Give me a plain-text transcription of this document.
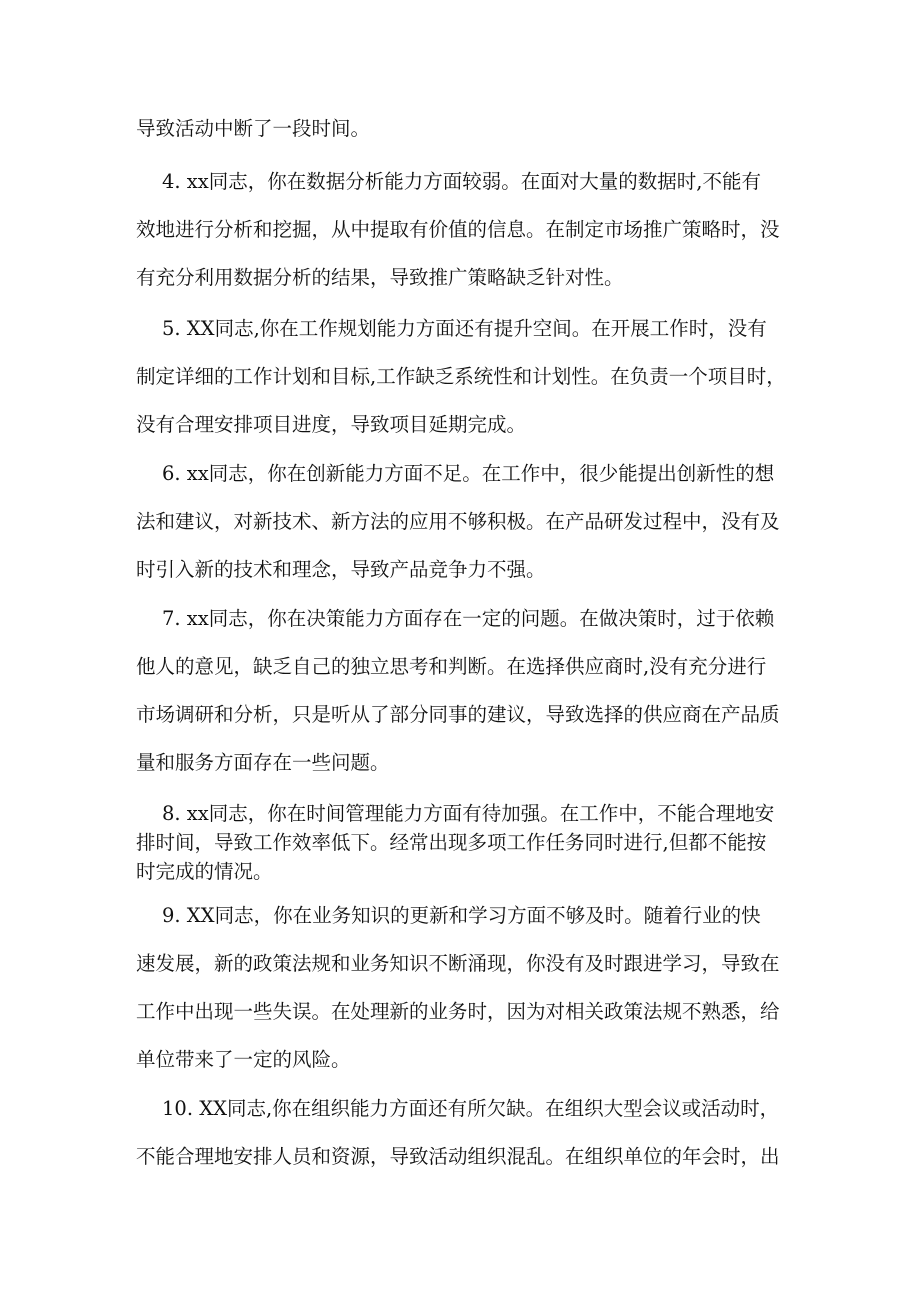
导致活动中断了一段时间。

4. xx同志，你在数据分析能力方面较弱。在面对大量的数据时,不能有

效地进行分析和挖掘，从中提取有价值的信息。在制定市场推广策略时，没

有充分利用数据分析的结果，导致推广策略缺乏针对性。

5. XX同志,你在工作规划能力方面还有提升空间。在开展工作时，没有

制定详细的工作计划和目标,工作缺乏系统性和计划性。在负责一个项目时，

没有合理安排项目进度，导致项目延期完成。

6. xx同志，你在创新能力方面不足。在工作中，很少能提出创新性的想

法和建议，对新技术、新方法的应用不够积极。在产品研发过程中，没有及

时引入新的技术和理念，导致产品竞争力不强。

7. xx同志，你在决策能力方面存在一定的问题。在做决策时，过于依赖

他人的意见，缺乏自己的独立思考和判断。在选择供应商时,没有充分进行

市场调研和分析，只是听从了部分同事的建议，导致选择的供应商在产品质

量和服务方面存在一些问题。

8. xx同志，你在时间管理能力方面有待加强。在工作中，不能合理地安

排时间，导致工作效率低下。经常出现多项工作任务同时进行,但都不能按

时完成的情况。

9. XX同志，你在业务知识的更新和学习方面不够及时。随着行业的快

速发展，新的政策法规和业务知识不断涌现，你没有及时跟进学习，导致在

工作中出现一些失误。在处理新的业务时，因为对相关政策法规不熟悉，给

单位带来了一定的风险。

10. XX同志,你在组织能力方面还有所欠缺。在组织大型会议或活动时，

不能合理地安排人员和资源，导致活动组织混乱。在组织单位的年会时，出
